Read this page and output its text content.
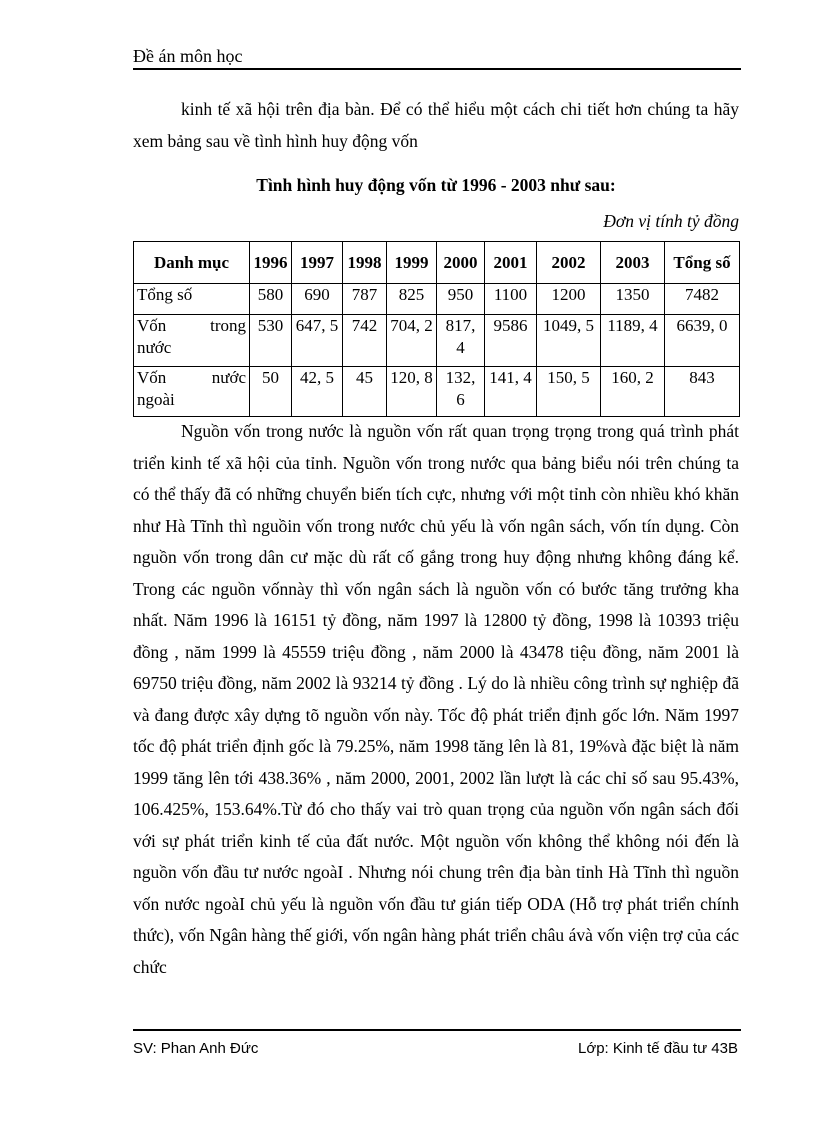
Đề án môn học

kinh tế xã hội trên địa bàn. Để có thể hiểu một cách chi tiết hơn chúng ta hãy xem bảng sau về tình hình huy động vốn

Tình hình huy động vốn từ 1996 - 2003 như sau:
Đơn vị tính tỷ đồng
Danh mục	1996	1997	1998	1999	2000	2001	2002	2003	Tổng số
Tổng số	580	690	787	825	950	1100	1200	1350	7482

Vốn trong
nước	530	647, 5	742	704, 2	817, 4	9586	1049, 5	1189, 4	6639, 0

Vốn nước
ngoài	50	42, 5	45	120, 8	132, 6	141, 4	150, 5	160, 2	843

Nguồn vốn trong nước là nguồn vốn rất quan trọng trọng trong quá trình phát triển kinh tế xã hội của tỉnh. Nguồn vốn trong nước qua bảng biểu nói trên chúng ta có thể thấy đã có những chuyển biến tích cực, nhưng với một tỉnh còn nhiều khó khăn như Hà Tĩnh thì nguồin vốn trong nước chủ yếu là vốn ngân sách, vốn tín dụng. Còn nguồn vốn trong dân cư mặc dù rất cố gắng trong huy động nhưng không đáng kể. Trong các nguồn vốnnày thì vốn ngân sách là nguồn vốn có bước tăng trưởng kha nhất. Năm 1996 là 16151 tỷ đồng, năm 1997 là 12800 tỷ đồng, 1998 là 10393 triệu đồng , năm 1999 là 45559 triệu đồng , năm 2000 là 43478 tiệu đồng, năm 2001 là 69750 triệu đồng, năm 2002 là 93214 tỷ đồng . Lý do là nhiều công trình sự nghiệp đã và đang được xây dựng tõ nguồn vốn này. Tốc độ phát triển định gốc lớn. Năm 1997 tốc độ phát triển định gốc là 79.25%, năm 1998 tăng lên là 81, 19%và đặc biệt là năm 1999 tăng lên tới 438.36% , năm 2000, 2001, 2002 lần lượt là các chỉ số sau 95.43%, 106.425%, 153.64%.Từ đó cho thấy vai trò quan trọng của nguồn vốn ngân sách đối với sự phát triển kinh tế của đất nước. Một nguồn vốn không thể không nói đến là nguồn vốn đầu tư nước ngoàI . Nhưng nói chung trên địa bàn tỉnh Hà Tĩnh thì nguồn vốn nước ngoàI chủ yếu là nguồn vốn đầu tư gián tiếp ODA (Hỗ trợ phát triển chính thức), vốn Ngân hàng thế giới, vốn ngân hàng phát triển châu ávà vốn viện trợ của các chức

SV: Phan Anh Đức	Lớp: Kinh tế đầu tư 43B
